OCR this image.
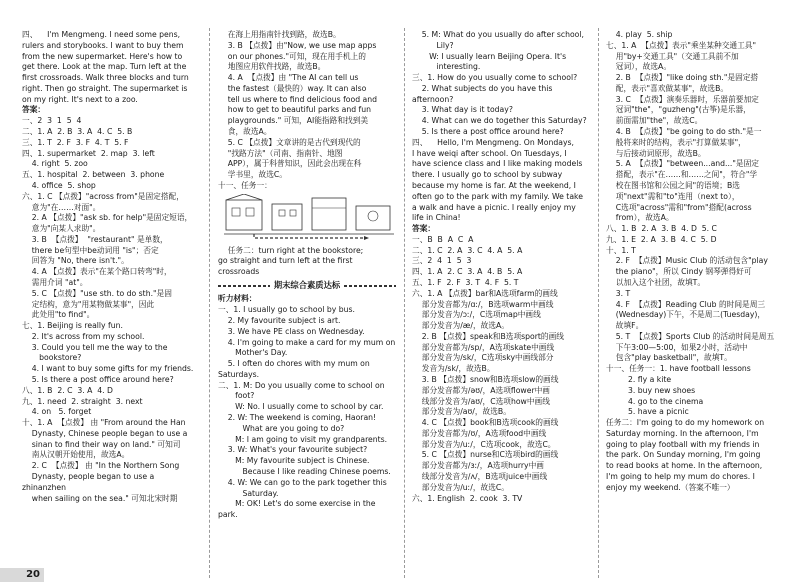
四、    I'm Mengmeng. I need some pens,
rulers and storybooks. I want to buy them
from the new supermarket. Here's how to
get there. Look at the map. Turn left at the
first crossroads. Walk three blocks and turn
right. Then go straight. The supermarket is
on my right. It's next to a zoo.
答案：
一、2  3  1  5  4
二、1. A  2. B  3. A  4. C  5. B
三、1. T  2. F  3. F  4. T  5. F
四、1. supermarket  2. map  3. left
4. right  5. zoo
五、1. hospital  2. between  3. phone
4. office  5. shop
六、1. C 【点拨】"across from"是固定搭配，
意为"在……对面"。
2. A 【点拨】"ask sb. for help"是固定短语，
意为"向某人求助"。
3. B  【点拨】  "restaurant" 是单数，
there be句型中be动词用 "is"；否定
回答为 "No, there isn't."。
4. A 【点拨】表示"在某个路口转弯"时，
需用介词 "at"。
5. C 【点拨】"use sth. to do sth."是固
定结构，意为"用某物做某事"，因此
此处用"to find"。
七、1. Beijing is really fun.
2. It's across from my school.
3. Could you tell me the way to the
bookstore?
4. I want to buy some gifts for my friends.
5. Is there a post office around here?
八、1. B  2. C  3. A  4. D
九、1. need  2. straight  3. next
4. on   5. forget
十、1. A  【点拨】 由 "From around the Han
Dynasty, Chinese people began to use a
sinan to find their way on land." 可知司
南从汉朝开始使用，故选A。
2. C  【点拨】 由 "In the Northern Song
Dynasty, people began to use a zhinanzhen
when sailing on the sea." 可知北宋时期
在海上用指南针找到路，故选B。
3. B 【点拨】由"Now, we use map apps
on our phones."可知，现在用手机上的
地图应用软件找路，故选B。
4. A  【点拨】由 "The AI can tell us
the fastest（最快的）way. It can also
tell us where to find delicious food and
how to get to beautiful parks and fun
playgrounds." 可知，AI能指路和找到美
食，故选A。
5. C 【点拨】文章讲的是古代到现代的
"找路方法"（司南、指南针、地图
APP），属于科普知识，因此会出现在科
学书里，故选C。
十一、任务一：
任务二：turn right at the bookstore;
go straight and turn left at the first crossroads
期末综合素质达标
听力材料：
一、1. I usually go to school by bus.
2. My favourite subject is art.
3. We have PE class on Wednesday.
4. I'm going to make a card for my mum on
Mother's Day.
5. I often do chores with my mum on Saturdays.
二、1. M: Do you usually come to school on
foot?
W: No. I usually come to school by car.
2. W: The weekend is coming, Haoran!
What are you going to do?
M: I am going to visit my grandparents.
3. W: What's your favourite subject?
M: My favourite subject is Chinese.
Because I like reading Chinese poems.
4. W: We can go to the park together this
Saturday.
M: OK! Let's do some exercise in the park.
5. M: What do you usually do after school,
Lily?
W: I usually learn Beijing Opera. It's
interesting.
三、1. How do you usually come to school?
2. What subjects do you have this afternoon?
3. What day is it today?
4. What can we do together this Saturday?
5. Is there a post office around here?
四、    Hello, I'm Mengmeng. On Mondays,
I have weiqi after school. On Tuesdays, I
have science class and I like making models
there. I usually go to school by subway
because my home is far. At the weekend, I
often go to the park with my family. We take
a walk and have a picnic. I really enjoy my
life in China!
答案：
一、B  B  A  C  A
二、1. C  2. A  3. C  4. A  5. A
三、2  4  1  5  3
四、1. A  2. C  3. A  4. B  5. A
五、1. F  2. F  3. T  4. F  5. T
六、1. A 【点拨】bar和A选项farm的画线
部分发音都为/ɑː/，B选项warm中画线
部分发音为/ɔː/，C选项map中画线
部分发音为/æ/，故选A。
2. B 【点拨】speak和B选项sport的画线
部分发音都为/sp/，A选项skate中画线
部分发音为/sk/，C选项sky中画线部分
发音为/sk/，故选B。
3. B 【点拨】snow和B选项slow的画线
部分发音都为/əʊ/，A选项flower中画
线部分发音为/aʊ/，C选项how中画线
部分发音为/aʊ/，故选B。
4. C 【点拨】book和B选项cook的画线
部分发音都为/ʊ/，A选项food中画线
部分发音为/uː/，C选项cook，故选C。
5. C 【点拨】nurse和C选项bird的画线
部分发音都为/ɜː/，A选项hurry中画
线部分发音为/ʌ/，B选项juice中画线
部分发音为/uː/，故选C。
六、1. English  2. cook  3. TV
4. play  5. ship
七、1. A  【点拨】表示"乘坐某种交通工具"
用"by+交通工具"（交通工具前不加
冠词），故选A。
2. B  【点拨】"like doing sth."是固定搭
配，表示"喜欢做某事"，故选B。
3. C  【点拨】演奏乐器时，乐器前要加定
冠词"the"，"guzheng"(古筝)是乐器，
前面需加"the"，故选C。
4. B  【点拨】"be going to do sth."是一
般将来时的结构，表示"打算做某事"，
与后接动词原形，故选B。
5. A  【点拨】"between...and..."是固定
搭配，表示"在……和……之间"，符合"学
校在图书馆和公园之间"的语境；B选
项"next"需和"to"连用（next to），
C选项"across"需和"from"搭配(across
from），故选A。
八、1. B  2. A  3. B  4. D  5. C
九、1. E  2. A  3. B  4. C  5. D
十、1. T
2. F  【点拨】Music Club 的活动包含"play
the piano"，所以 Cindy 钢琴弹得好可
以加入这个社团，故填T。
3. T
4. F  【点拨】Reading Club 的时间是周三
(Wednesday)下午，不是周二(Tuesday)，
故填F。
5. T  【点拨】Sports Club 的活动时间是周五
下午3:00—5:00，如果2小时，活动中
包含"play basketball"，故填T。
十一、任务一：1. have football lessons
2. fly a kite
3. buy new shoes
4. go to the cinema
5. have a picnic
任务二：I'm going to do my homework on
Saturday morning. In the afternoon, I'm
going to play football with my friends in
the park. On Sunday morning, I'm going
to read books at home. In the afternoon,
I'm going to help my mum do chores. I
enjoy my weekend.（答案不唯一）
20
